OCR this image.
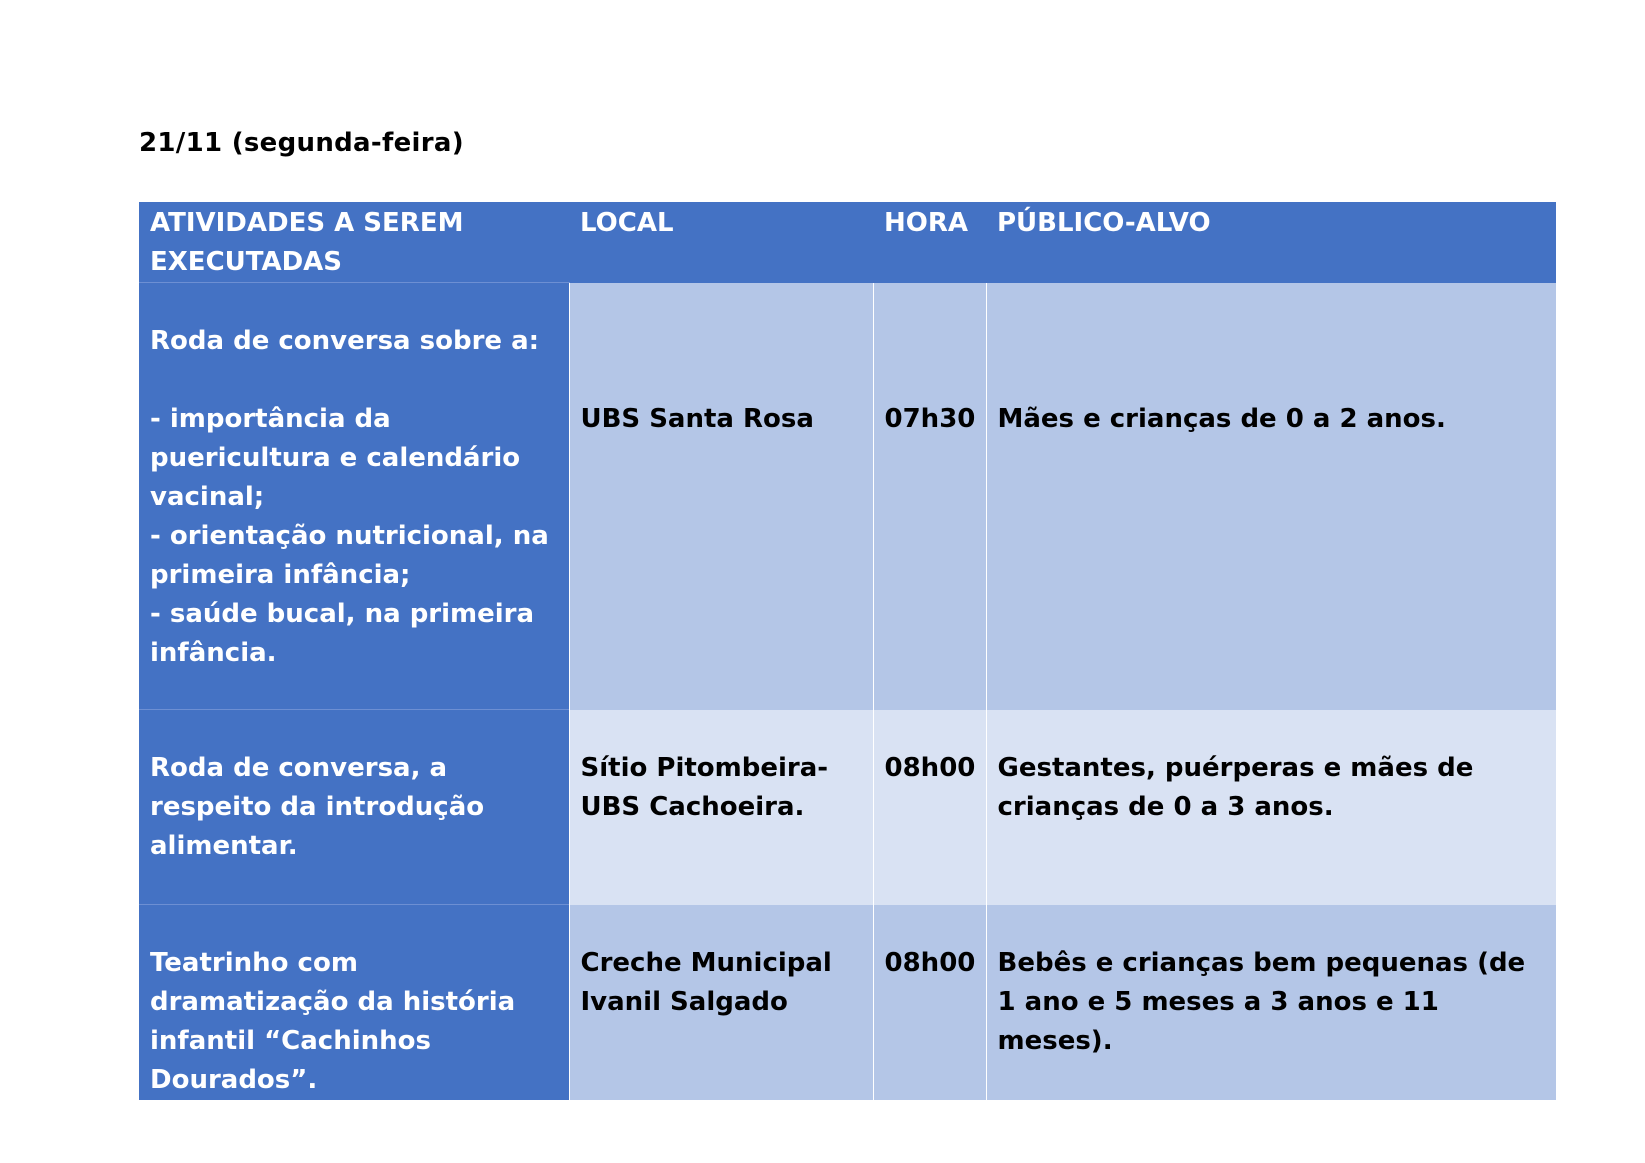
21/11 (segunda-feira)
ATIVIDADES A SEREM EXECUTADAS	LOCAL	HORA	PÚBLICO-ALVO

Roda de conversa sobre a:
- importância da puericultura e calendário vacinal;
- orientação nutricional, na primeira infância;
- saúde bucal, na primeira infância.	UBS Santa Rosa	07h30	Mães e crianças de 0 a 2 anos.
Roda de conversa, a respeito da introdução alimentar.	Sítio Pitombeira- UBS Cachoeira.	08h00	Gestantes, puérperas e mães de crianças de 0 a 3 anos.
Teatrinho com dramatização da história infantil “Cachinhos Dourados”.	Creche Municipal Ivanil Salgado	08h00	Bebês e crianças bem pequenas (de 1 ano e 5 meses a 3 anos e 11 meses).
